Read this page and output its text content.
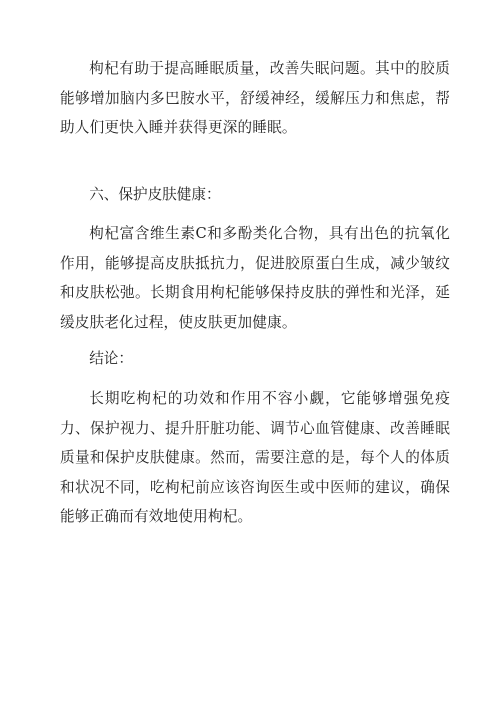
枸杞有助于提高睡眠质量，改善失眠问题。其中的胶质能够增加脑内多巴胺水平，舒缓神经，缓解压力和焦虑，帮助人们更快入睡并获得更深的睡眠。

六、保护皮肤健康：

枸杞富含维生素C和多酚类化合物，具有出色的抗氧化作用，能够提高皮肤抵抗力，促进胶原蛋白生成，减少皱纹和皮肤松弛。长期食用枸杞能够保持皮肤的弹性和光泽，延缓皮肤老化过程，使皮肤更加健康。

结论：

长期吃枸杞的功效和作用不容小觑，它能够增强免疫力、保护视力、提升肝脏功能、调节心血管健康、改善睡眠质量和保护皮肤健康。然而，需要注意的是，每个人的体质和状况不同，吃枸杞前应该咨询医生或中医师的建议，确保能够正确而有效地使用枸杞。
